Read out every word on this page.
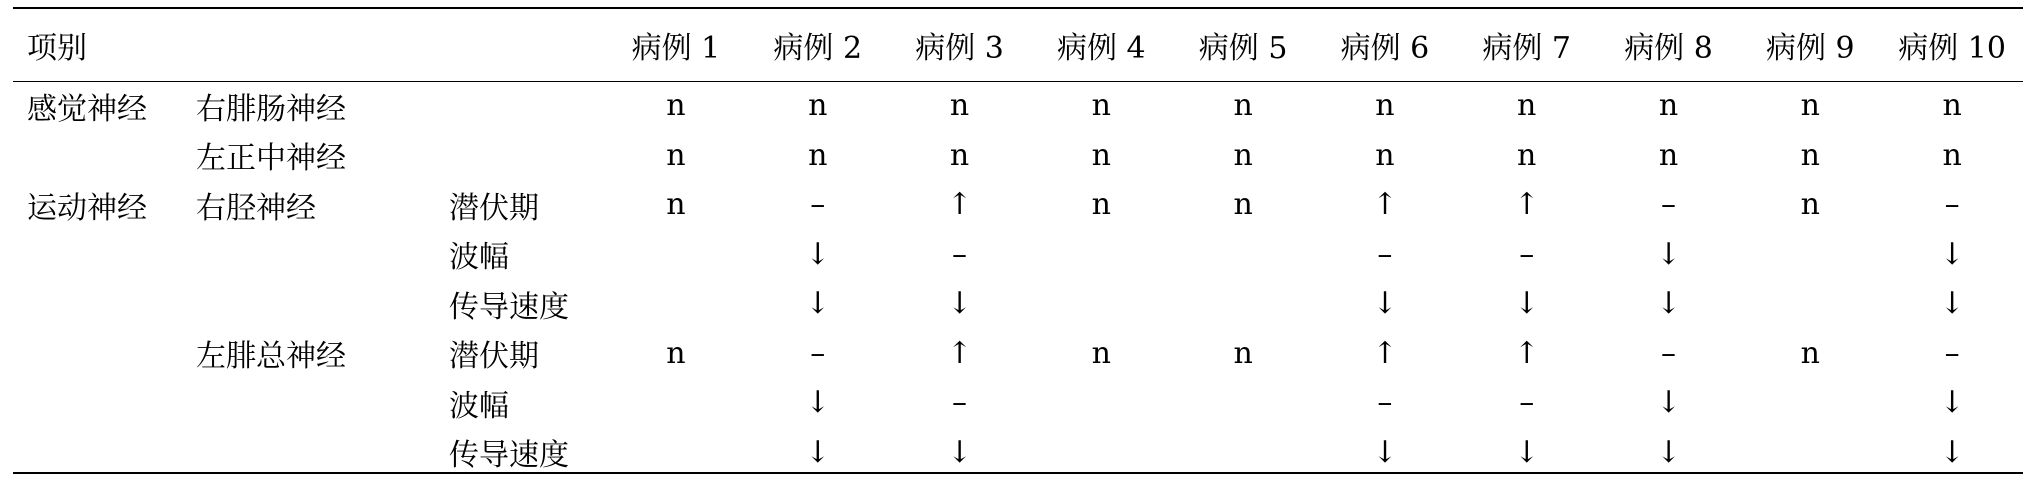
项别			病例 1	病例 2	病例 3	病例 4	病例 5	病例 6	病例 7	病例 8	病例 9	病例 10
感觉神经	右腓肠神经		n	n	n	n	n	n	n	n	n	n
	左正中神经		n	n	n	n	n	n	n	n	n	n
运动神经	右胫神经	潜伏期	n	–	↑	n	n	↑	↑	–	n	–
		波幅		↓	–			–	–	↓		↓
		传导速度		↓	↓			↓	↓	↓		↓
	左腓总神经	潜伏期	n	–	↑	n	n	↑	↑	–	n	–
		波幅		↓	–			–	–	↓		↓
		传导速度		↓	↓			↓	↓	↓		↓
